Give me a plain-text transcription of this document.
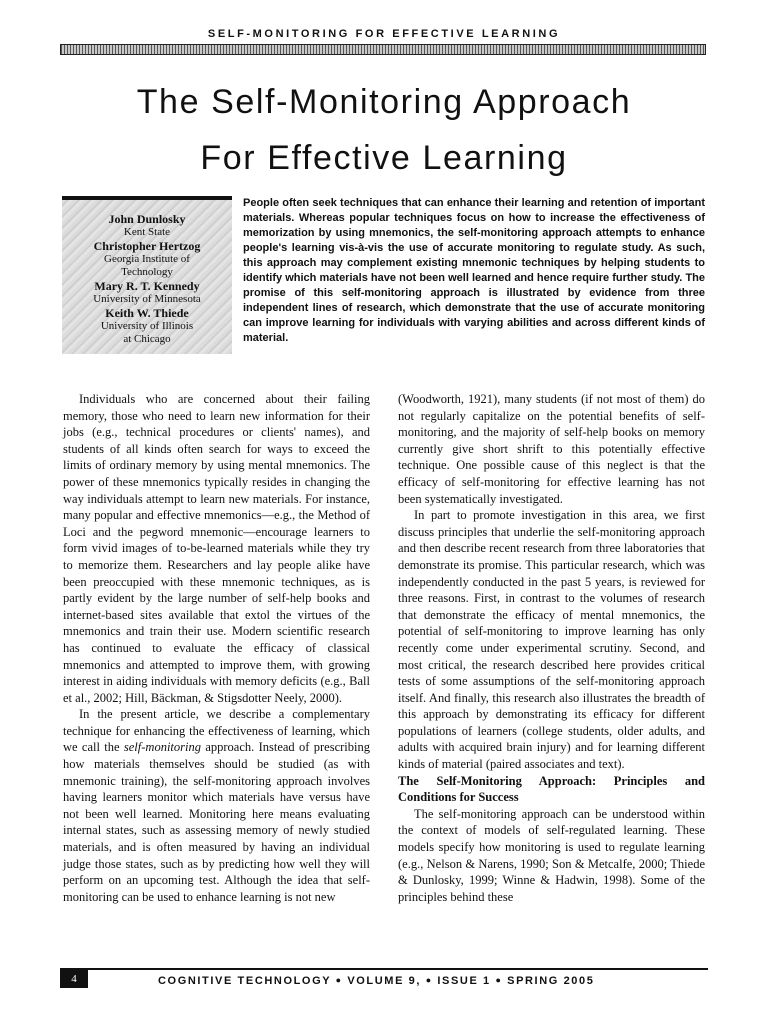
SELF-MONITORING FOR EFFECTIVE LEARNING
The Self-Monitoring Approach
For Effective Learning
John Dunlosky
Kent State
Christopher Hertzog
Georgia Institute of
Technology
Mary R. T. Kennedy
University of Minnesota
Keith W. Thiede
University of Illinois
at Chicago

People often seek techniques that can enhance their learning and retention of important materials. Whereas popular techniques focus on how to increase the effectiveness of memorization by using mnemonics, the self-monitoring approach attempts to enhance people's learning vis-à-vis the use of accurate monitoring to regulate study. As such, this approach may complement existing mnemonic techniques by helping students to identify which materials have not been well learned and hence require further study. The promise of this self-monitoring approach is illustrated by evidence from three independent lines of research, which demonstrate that the use of accurate monitoring can improve learning for individuals with varying abilities and across different kinds of material.

Individuals who are concerned about their failing memory, those who need to learn new information for their jobs (e.g., technical procedures or clients' names), and students of all kinds often search for ways to exceed the limits of ordinary memory by using mental mnemonics. The power of these mnemonics typically resides in changing the way individuals attempt to learn new materials. For instance, many popular and effective mnemonics—e.g., the Method of Loci and the pegword mnemonic—encourage learners to form vivid images of to-be-learned materials while they try to memorize them. Researchers and lay people alike have been preoccupied with these mnemonic techniques, as is partly evident by the large number of self-help books and internet-based sites available that extol the virtues of the mnemonics and train their use. Modern scientific research has continued to evaluate the efficacy of classical mnemonics and attempted to improve them, with growing interest in aiding individuals with memory deficits (e.g., Ball et al., 2002; Hill, Bäckman, & Stigsdotter Neely, 2000).

In the present article, we describe a complementary technique for enhancing the effectiveness of learning, which we call the self-monitoring approach. Instead of prescribing how materials themselves should be studied (as with mnemonic training), the self-monitoring approach involves having learners monitor which materials have versus have not been well learned. Monitoring here means evaluating internal states, such as assessing memory of newly studied materials, and is often measured by having an individual judge those states, such as by predicting how well they will perform on an upcoming test. Although the idea that self-monitoring can be used to enhance learning is not new

(Woodworth, 1921), many students (if not most of them) do not regularly capitalize on the potential benefits of self-monitoring, and the majority of self-help books on memory currently give short shrift to this potentially effective technique. One possible cause of this neglect is that the efficacy of self-monitoring for effective learning has not been systematically investigated.

In part to promote investigation in this area, we first discuss principles that underlie the self-monitoring approach and then describe recent research from three laboratories that demonstrate its promise. This particular research, which was independently conducted in the past 5 years, is reviewed for three reasons. First, in contrast to the volumes of research that demonstrate the efficacy of mental mnemonics, the potential of self-monitoring to improve learning has only recently come under experimental scrutiny. Second, and most critical, the research described here provides critical tests of some assumptions of the self-monitoring approach itself. And finally, this research also illustrates the breadth of this approach by demonstrating its efficacy for different populations of learners (college students, older adults, and adults with acquired brain injury) and for learning different kinds of material (paired associates and text).

The Self-Monitoring Approach: Principles and Conditions for Success

The self-monitoring approach can be understood within the context of models of self-regulated learning. These models specify how monitoring is used to regulate learning (e.g., Nelson & Narens, 1990; Son & Metcalfe, 2000; Thiede & Dunlosky, 1999; Winne & Hadwin, 1998). Some of the principles behind these

4	COGNITIVE TECHNOLOGY ● VOLUME 9, ● ISSUE 1 ● SPRING 2005
